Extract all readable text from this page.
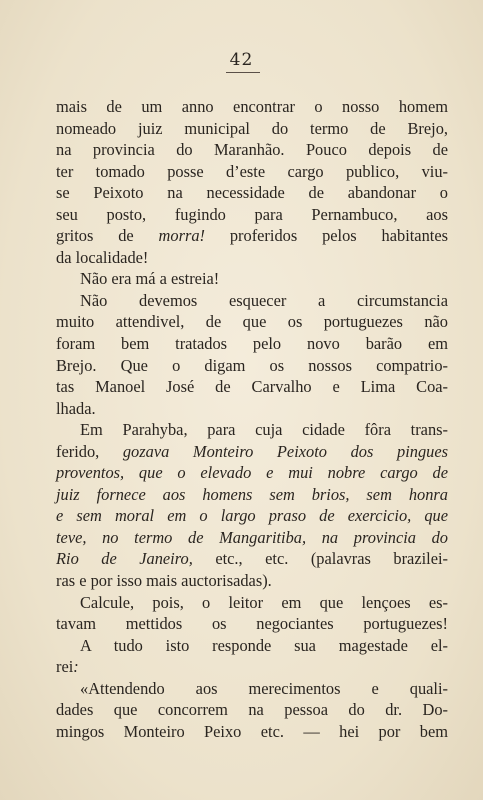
42
mais de um anno encontrar o nosso homem
nomeado juiz municipal do termo de Brejo,
na provincia do Maranhão. Pouco depois de
ter tomado posse d’este cargo publico, viu-
se Peixoto na necessidade de abandonar o
seu posto, fugindo para Pernambuco, aos
gritos de morra! proferidos pelos habitantes
da localidade!
Não era má a estreia!
Não devemos esquecer a circumstancia
muito attendivel, de que os portuguezes não
foram bem tratados pelo novo barão em
Brejo. Que o digam os nossos compatrio-
tas Manoel José de Carvalho e Lima Coa-
lhada.
Em Parahyba, para cuja cidade fôra trans-
ferido, gozava Monteiro Peixoto dos pingues
proventos, que o elevado e mui nobre cargo de
juiz fornece aos homens sem brios, sem honra
e sem moral em o largo praso de exercicio, que
teve, no termo de Mangaritiba, na provincia do
Rio de Janeiro, etc., etc. (palavras brazilei-
ras e por isso mais auctorisadas).
Calcule, pois, o leitor em que lençoes es-
tavam mettidos os negociantes portuguezes!
A tudo isto responde sua magestade el-
rei:
«Attendendo aos merecimentos e quali-
dades que concorrem na pessoa do dr. Do-
mingos Monteiro Peixo etc. — hei por bem
